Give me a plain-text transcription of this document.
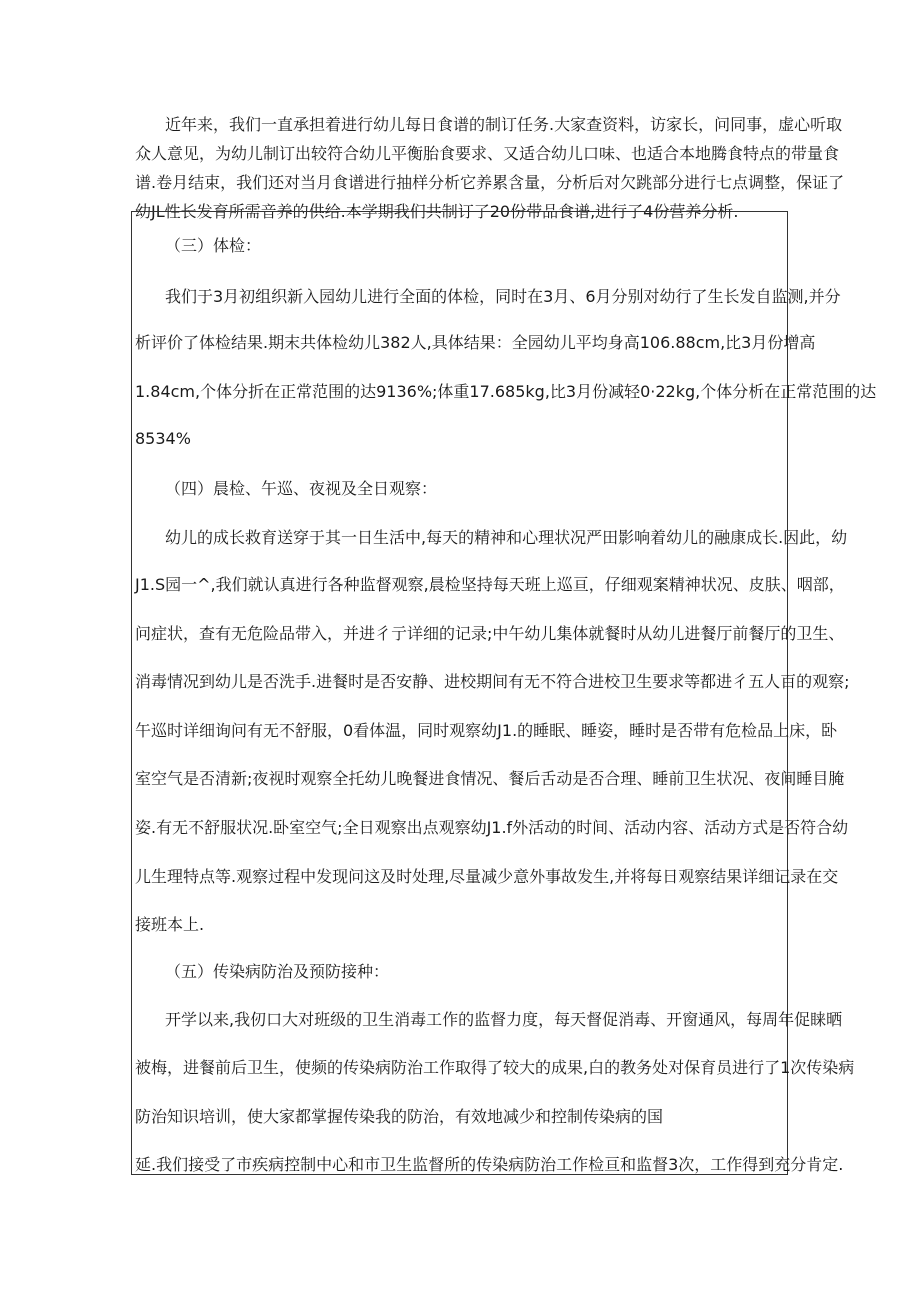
近年来，我们一直承担着进行幼儿每日食谱的制订任务.大家查资料，访家长，问同事，虚心听取

众人意见，为幼儿制订出较符合幼儿平衡胎食要求、又适合幼儿口味、也适合本地腾食特点的带量食

谱.卷月结束，我们还对当月食谱进行抽样分析它养累含量，分析后对欠跳部分进行七点调整，保证了

幼JL性长发育所需音养的供给.本学期我们共制订了20份带品食谱,进行了4份营养分析.

（三）体检：

我们于3月初组织新入园幼儿进行全面的体检，同时在3月、6月分别对幼行了生长发自监测,并分

析评价了体检结果.期末共体检幼儿382人,具体结果：全园幼儿平均身高106.88cm,比3月份增高

1.84cm,个体分折在正常范围的达9136%;体重17.685kg,比3月份减轻0·22kg,个体分析在正常范围的达

8534%

（四）晨检、午巡、夜视及全日观察：

幼儿的成长救育送穿于其一日生活中,每天的精神和心理状况严田影响着幼儿的融康成长.因此，幼

J1.S园一^,我们就认真进行各种监督观察,晨检坚持每天班上巡亘，仔细观案精神状况、皮肤、咽部，

问症状，查有无危险品带入，并进彳亍详细的记录;中午幼儿集体就餐时从幼儿进餐厅前餐厅的卫生、

消毒情况到幼儿是否洗手.进餐时是否安静、进校期间有无不符合进校卫生要求等都进彳五人百的观察;

午巡时详细询问有无不舒服，0看体温，同时观察幼J1.的睡眠、睡姿，睡时是否带有危检品上床，卧

室空气是否清新;夜视时观察全托幼儿晚餐进食情况、餐后舌动是否合理、睡前卫生状况、夜间睡目腌

姿.有无不舒服状况.卧室空气;全日观察出点观察幼J1.f外活动的时间、活动内容、活动方式是否符合幼

儿生理特点等.观察过程中发现问这及时处理,尽量减少意外事故发生,并将每日观察结果详细记录在交

接班本上.

（五）传染病防治及预防接种：

开学以来,我仞口大对班级的卫生消毒工作的监督力度，每天督促消毒、开窗通风，每周年促睐晒

被梅，进餐前后卫生，使频的传染病防治工作取得了较大的成果,白的教务处对保育员进行了1次传染病

防治知识培训，使大家都掌握传染我的防治，有效地减少和控制传染病的国

延.我们接受了市疾病控制中心和市卫生监督所的传染病防治工作检亘和监督3次，工作得到充分肯定.
